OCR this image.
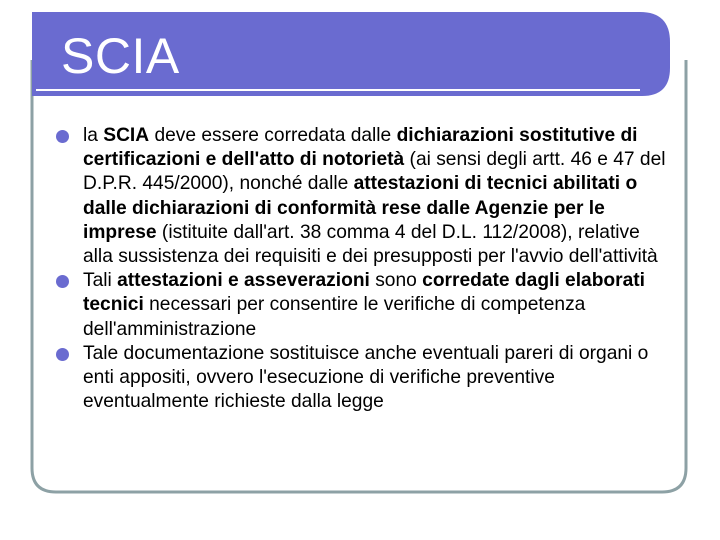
SCIA
la SCIA deve essere corredata dalle dichiarazioni sostitutive di certificazioni e dell'atto di notorietà (ai sensi degli artt. 46 e 47 del D.P.R. 445/2000), nonché dalle attestazioni di tecnici abilitati o dalle dichiarazioni di conformità rese dalle Agenzie per le imprese (istituite dall'art. 38 comma 4 del D.L. 112/2008), relative alla sussistenza dei requisiti e dei presupposti per l'avvio dell'attività
Tali attestazioni e asseverazioni sono corredate dagli elaborati tecnici necessari per consentire le verifiche di competenza dell'amministrazione
Tale documentazione sostituisce anche eventuali pareri di organi o enti appositi, ovvero l'esecuzione di verifiche preventive eventualmente richieste dalla legge
